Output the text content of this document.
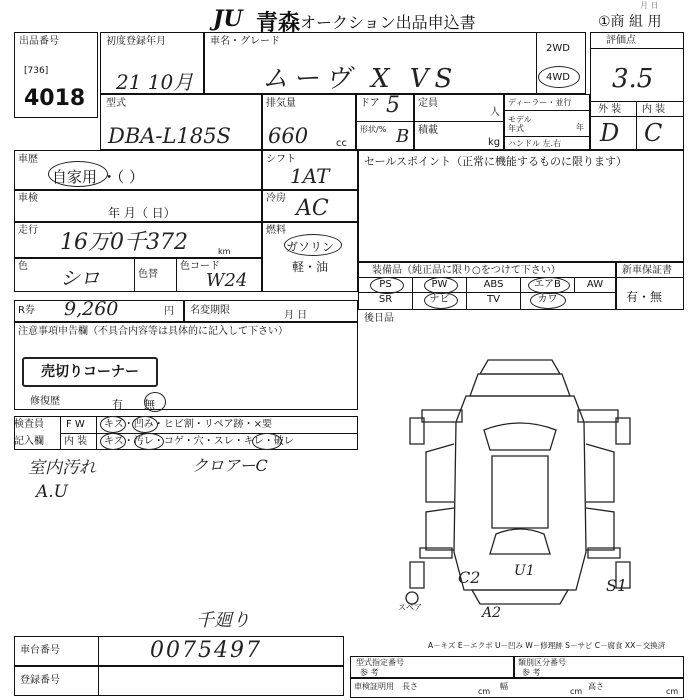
JU 青森 オークション出品申込書	①商 組 用
月 日
出品番号
[736]
4018
初度登録年月
21 10月
車名・グレード
ムーヴ X VS
2WD
4WD
評価点
3.5
外 装 内 装
D C
型式
DBA-L185S
排気量
660	cc
ドア 5
形状/% B
定員
人
積載
kg
ディーラー・並行
モデル年式	年
ハンドル 左.右
車歴
自家用 ・（ ）
車検
年 月（ 日）
走行 16万0千372	km
色 シロ	色替
色コード
W24
シフト
1AT
冷房 AC
燃料
ガソリン
軽・油
セールスポイント（正常に機能するものに限ります）
装備品（純正品に限り○をつけて下さい）
PS	PW	ABS	エアB	AW
SR	ナビ	TV	カワ
新車保証書
有・無
R券 9,260	円 名変期限	月 日	後日品
注意事項申告欄（不具合内容等は具体的に記入して下さい）
売切りコーナー
修復歴	有      無
検査員
記入欄
F W キズ・凹み・ヒビ割・リペア跡・×要
内 装 キズ・汚レ・コゲ・穴・スレ・キレ・破レ
室内汚れ
A.U
クロアーC
千廻り
C2 U1
S1
A2
スペア
A－キズ E－エクボ U－凹み W－修理跡 S－サビ C－腐食 XX－交換済
車台番号	0075497
登録番号
型式指定番号
参 考
類別区分番号
参 考
車検証明用 長さ
cm
幅
cm
高さ
cm
